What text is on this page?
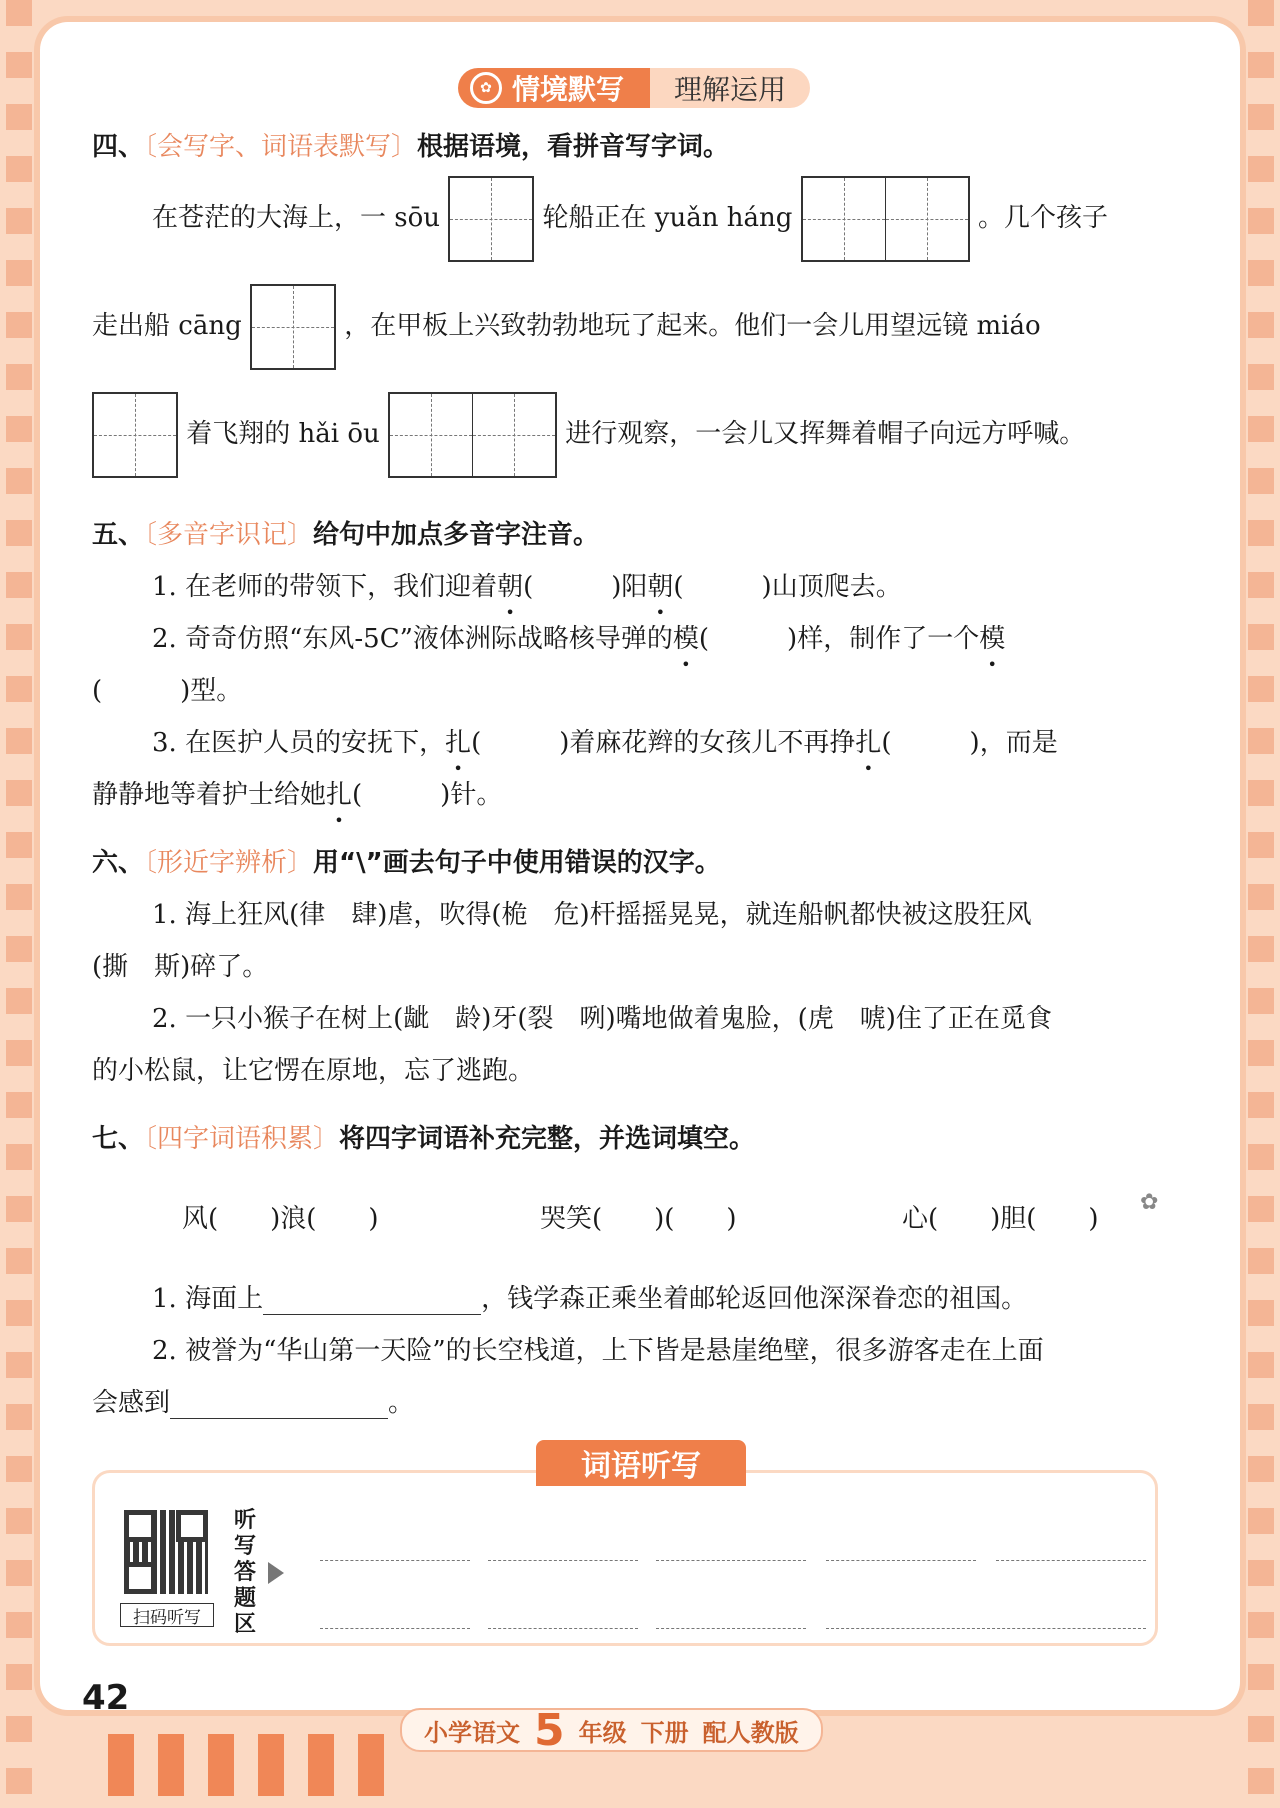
✿ 情境默写 理解运用
四、〔会写字、词语表默写〕根据语境，看拼音写字词。
在苍茫的大海上，一 sōu	轮船正在 yuǎn háng	。几个孩子
走出船 cāng	，在甲板上兴致勃勃地玩了起来。他们一会儿用望远镜 miáo
着飞翔的 hǎi ōu	进行观察，一会儿又挥舞着帽子向远方呼喊。
五、〔多音字识记〕给句中加点多音字注音。
1. 在老师的带领下，我们迎着朝(　　　)阳朝(　　　)山顶爬去。
2. 奇奇仿照“东风-5C”液体洲际战略核导弹的模(　　　)样，制作了一个模
(　　　)型。
3. 在医护人员的安抚下，扎(　　　)着麻花辫的女孩儿不再挣扎(　　　)，而是
静静地等着护士给她扎(　　　)针。
六、〔形近字辨析〕用“\”画去句子中使用错误的汉字。
1. 海上狂风(律　肆)虐，吹得(桅　危)杆摇摇晃晃，就连船帆都快被这股狂风
(撕　斯)碎了。
2. 一只小猴子在树上(龇　龄)牙(裂　咧)嘴地做着鬼脸，(虎　唬)住了正在觅食
的小松鼠，让它愣在原地，忘了逃跑。
七、〔四字词语积累〕将四字词语补充完整，并选词填空。
风(　　)浪(　　)	哭笑(　　)(　　)	心(　　)胆(　　)
✿
1. 海面上	，钱学森正乘坐着邮轮返回他深深眷恋的祖国。
2. 被誉为“华山第一天险”的长空栈道，上下皆是悬崖绝壁，很多游客走在上面
会感到	。
词语听写
扫码听写
听写答题区
42
小学语文 5 年级 下册 配人教版
